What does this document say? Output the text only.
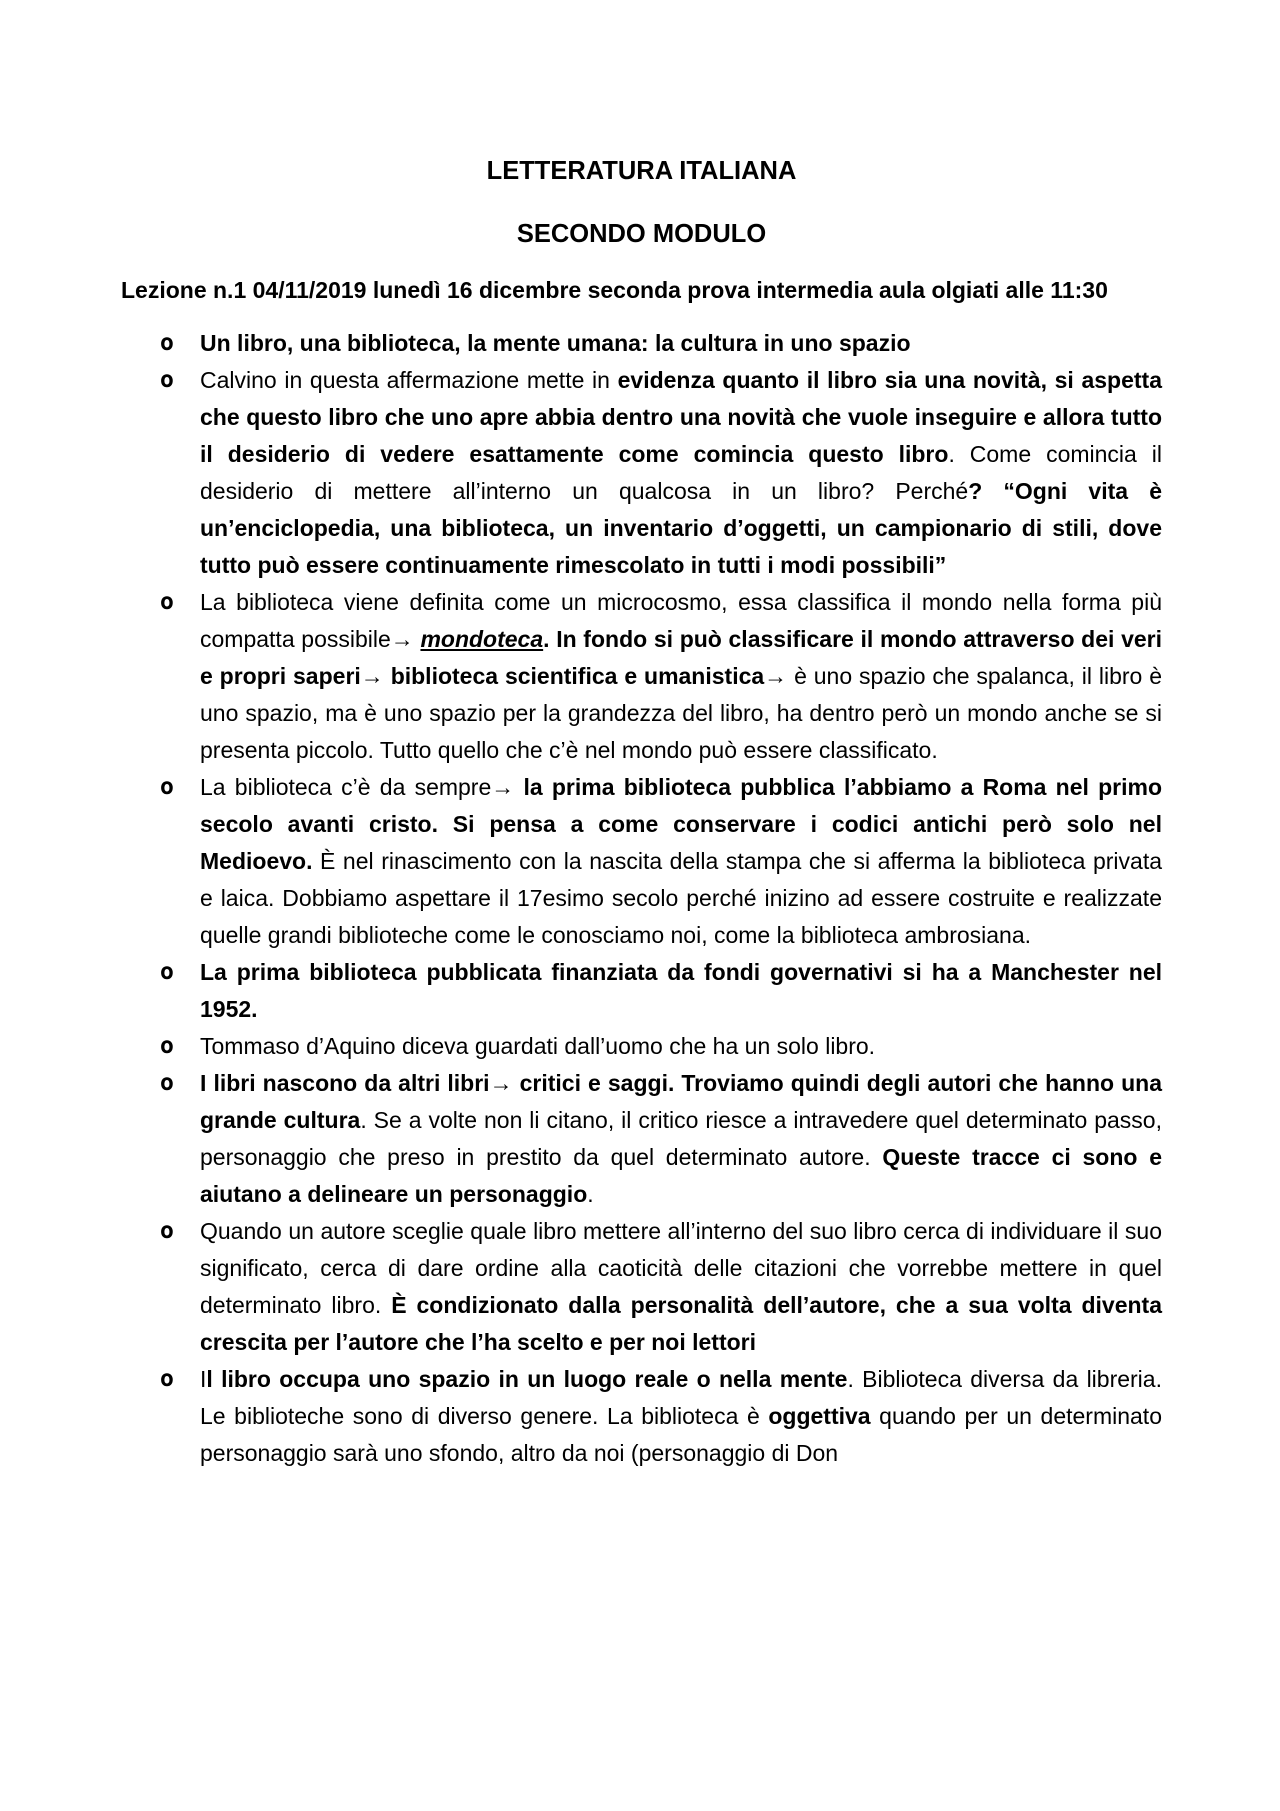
LETTERATURA ITALIANA
SECONDO MODULO

Lezione n.1 04/11/2019 lunedì 16 dicembre seconda prova intermedia aula olgiati alle 11:30

o Un libro, una biblioteca, la mente umana: la cultura in uno spazio
o Calvino in questa affermazione mette in evidenza quanto il libro sia una novità, si aspetta che questo libro che uno apre abbia dentro una novità che vuole inseguire e allora tutto il desiderio di vedere esattamente come comincia questo libro. Come comincia il desiderio di mettere all’interno un qualcosa in un libro? Perché? “Ogni vita è un’enciclopedia, una biblioteca, un inventario d’oggetti, un campionario di stili, dove tutto può essere continuamente rimescolato in tutti i modi possibili”
o La biblioteca viene definita come un microcosmo, essa classifica il mondo nella forma più compatta possibile→ mondoteca. In fondo si può classificare il mondo attraverso dei veri e propri saperi→ biblioteca scientifica e umanistica→ è uno spazio che spalanca, il libro è uno spazio, ma è uno spazio per la grandezza del libro, ha dentro però un mondo anche se si presenta piccolo. Tutto quello che c’è nel mondo può essere classificato.
o La biblioteca c’è da sempre→ la prima biblioteca pubblica l’abbiamo a Roma nel primo secolo avanti cristo. Si pensa a come conservare i codici antichi però solo nel Medioevo. È nel rinascimento con la nascita della stampa che si afferma la biblioteca privata e laica. Dobbiamo aspettare il 17esimo secolo perché inizino ad essere costruite e realizzate quelle grandi biblioteche come le conosciamo noi, come la biblioteca ambrosiana.
o La prima biblioteca pubblicata finanziata da fondi governativi si ha a Manchester nel 1952.
o Tommaso d’Aquino diceva guardati dall’uomo che ha un solo libro.
o I libri nascono da altri libri→ critici e saggi. Troviamo quindi degli autori che hanno una grande cultura. Se a volte non li citano, il critico riesce a intravedere quel determinato passo, personaggio che preso in prestito da quel determinato autore. Queste tracce ci sono e aiutano a delineare un personaggio.
o Quando un autore sceglie quale libro mettere all’interno del suo libro cerca di individuare il suo significato, cerca di dare ordine alla caoticità delle citazioni che vorrebbe mettere in quel determinato libro. È condizionato dalla personalità dell’autore, che a sua volta diventa crescita per l’autore che l’ha scelto e per noi lettori
o Il libro occupa uno spazio in un luogo reale o nella mente. Biblioteca diversa da libreria. Le biblioteche sono di diverso genere. La biblioteca è oggettiva quando per un determinato personaggio sarà uno sfondo, altro da noi (personaggio di Don
